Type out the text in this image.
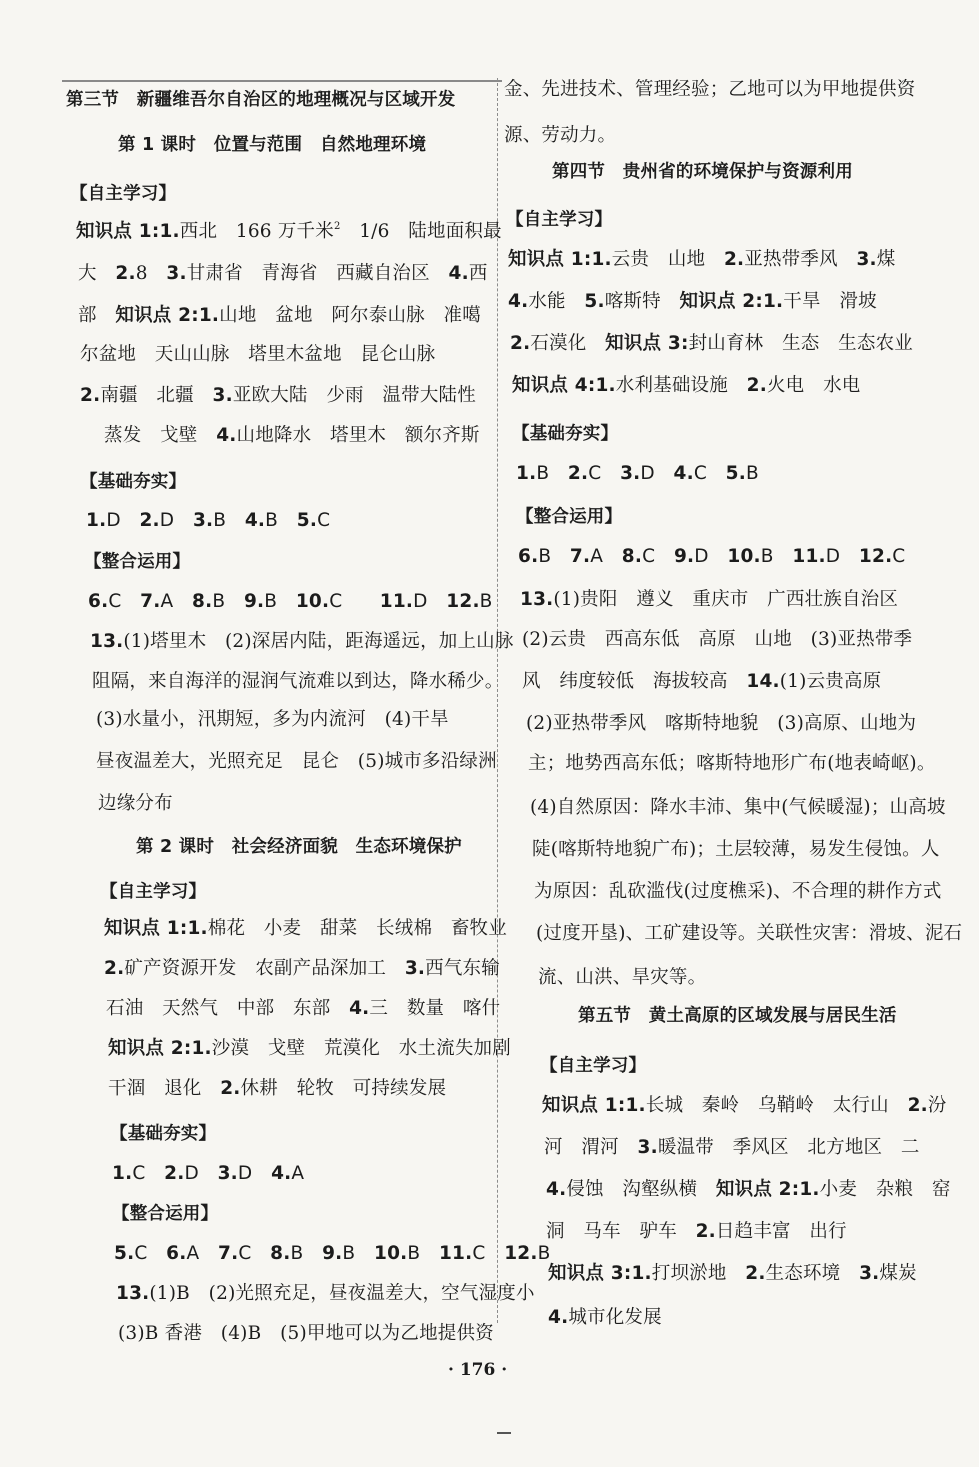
第三节　新疆维吾尔自治区的地理概况与区域开发
第 1 课时　位置与范围　自然地理环境
【自主学习】
知识点 1:1.西北　166 万千米$^2$　1/6　陆地面积最
大　2.8　3.甘肃省　青海省　西藏自治区　4.西
部　知识点 2:1.山地　盆地　阿尔泰山脉　准噶
尔盆地　天山山脉　塔里木盆地　昆仑山脉
2.南疆　北疆　3.亚欧大陆　少雨　温带大陆性
蒸发　戈壁　4.山地降水　塔里木　额尔齐斯
【基础夯实】
1.D　 2.D　 3.B　 4.B　 5.C
【整合运用】
6.C　 7.A　 8.B　 9.B　 10.C　　 11.D　 12.B
13.(1)塔里木　(2)深居内陆，距海遥远，加上山脉
阻隔，来自海洋的湿润气流难以到达，降水稀少。
(3)水量小，汛期短，多为内流河　(4)干旱
昼夜温差大，光照充足　昆仑　(5)城市多沿绿洲
边缘分布
第 2 课时　社会经济面貌　生态环境保护
【自主学习】
知识点 1:1.棉花　小麦　甜菜　长绒棉　畜牧业
2.矿产资源开发　农副产品深加工　3.西气东输
石油　天然气　中部　东部　4.三　数量　喀什
知识点 2:1.沙漠　戈壁　荒漠化　水土流失加剧
干涸　退化　2.休耕　轮牧　可持续发展
【基础夯实】
1.C　 2.D　 3.D　 4.A
【整合运用】
5.C　 6.A　 7.C　 8.B　 9.B　 10.B　 11.C　 12.B
13.(1)B　(2)光照充足，昼夜温差大，空气湿度小
(3)B 香港　(4)B　(5)甲地可以为乙地提供资
金、先进技术、管理经验；乙地可以为甲地提供资
源、劳动力。
第四节　贵州省的环境保护与资源利用
【自主学习】
知识点 1:1.云贵　山地　2.亚热带季风　3.煤
4.水能　5.喀斯特　知识点 2:1.干旱　滑坡
2.石漠化　知识点 3:封山育林　生态　生态农业
知识点 4:1.水利基础设施　2.火电　水电
【基础夯实】
1.B　 2.C　 3.D　 4.C　 5.B
【整合运用】
6.B　 7.A　 8.C　 9.D　 10.B　 11.D　 12.C
13.(1)贵阳　遵义　重庆市　广西壮族自治区
(2)云贵　西高东低　高原　山地　(3)亚热带季
风　纬度较低　海拔较高　14.(1)云贵高原
(2)亚热带季风　喀斯特地貌　(3)高原、山地为
主；地势西高东低；喀斯特地形广布(地表崎岖)。
(4)自然原因：降水丰沛、集中(气候暖湿)；山高坡
陡(喀斯特地貌广布)；土层较薄，易发生侵蚀。人
为原因：乱砍滥伐(过度樵采)、不合理的耕作方式
(过度开垦)、工矿建设等。关联性灾害：滑坡、泥石
流、山洪、旱灾等。
第五节　黄土高原的区域发展与居民生活
【自主学习】
知识点 1:1.长城　秦岭　乌鞘岭　太行山　2.汾
河　渭河　3.暖温带　季风区　北方地区　二
4.侵蚀　沟壑纵横　知识点 2:1.小麦　杂粮　窑
洞　马车　驴车　2.日趋丰富　出行
知识点 3:1.打坝淤地　2.生态环境　3.煤炭
4.城市化发展
· 176 ·
